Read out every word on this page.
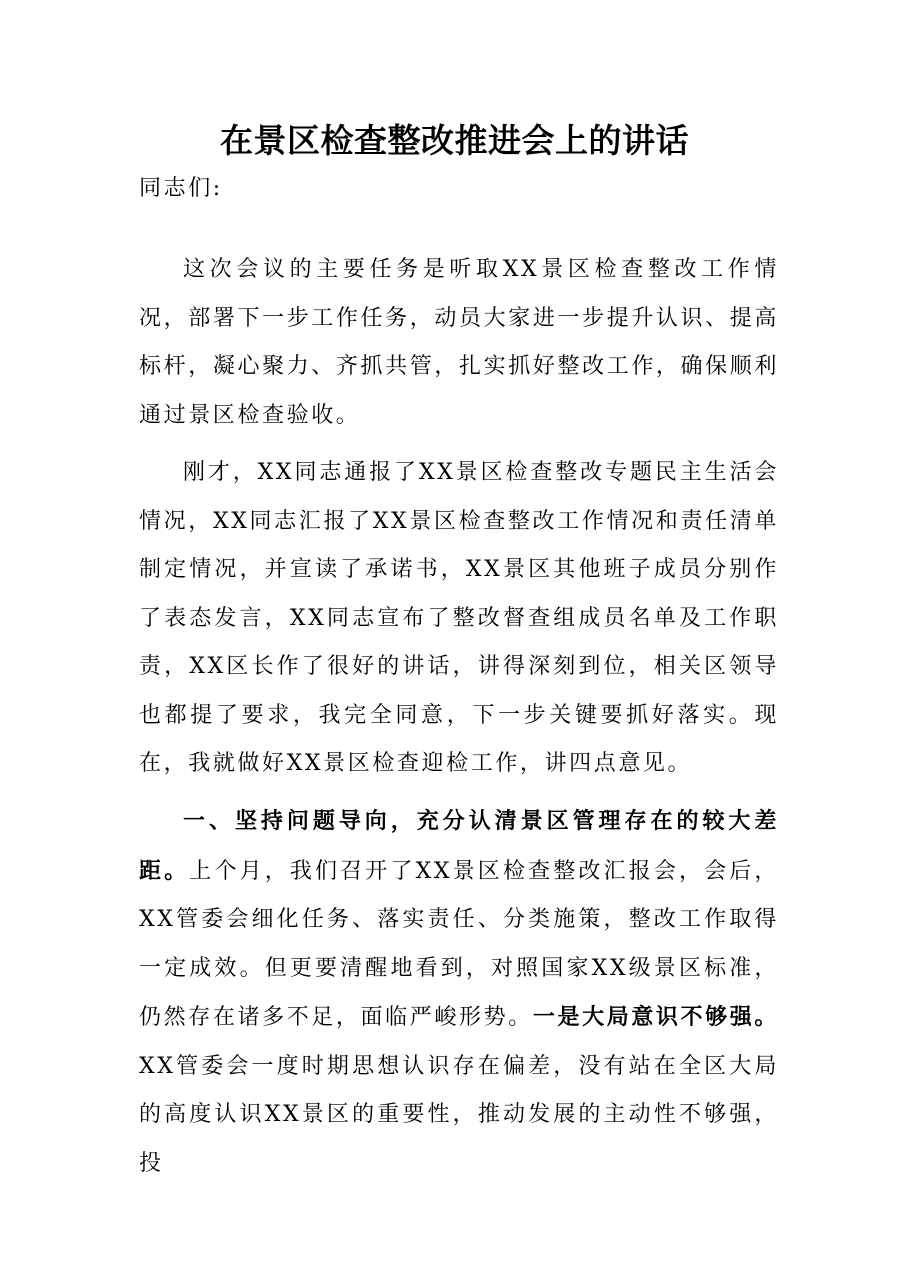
在景区检查整改推进会上的讲话
同志们:
这次会议的主要任务是听取XX景区检查整改工作情况，部署下一步工作任务，动员大家进一步提升认识、提高标杆，凝心聚力、齐抓共管，扎实抓好整改工作，确保顺利通过景区检查验收。
刚才，XX同志通报了XX景区检查整改专题民主生活会情况，XX同志汇报了XX景区检查整改工作情况和责任清单制定情况，并宣读了承诺书，XX景区其他班子成员分别作了表态发言，XX同志宣布了整改督查组成员名单及工作职责，XX区长作了很好的讲话，讲得深刻到位，相关区领导也都提了要求，我完全同意，下一步关键要抓好落实。现在，我就做好XX景区检查迎检工作，讲四点意见。
一、坚持问题导向，充分认清景区管理存在的较大差距。上个月，我们召开了XX景区检查整改汇报会，会后，XX管委会细化任务、落实责任、分类施策，整改工作取得一定成效。但更要清醒地看到，对照国家XX级景区标准，仍然存在诸多不足，面临严峻形势。一是大局意识不够强。XX管委会一度时期思想认识存在偏差，没有站在全区大局的高度认识XX景区的重要性，推动发展的主动性不够强，投
